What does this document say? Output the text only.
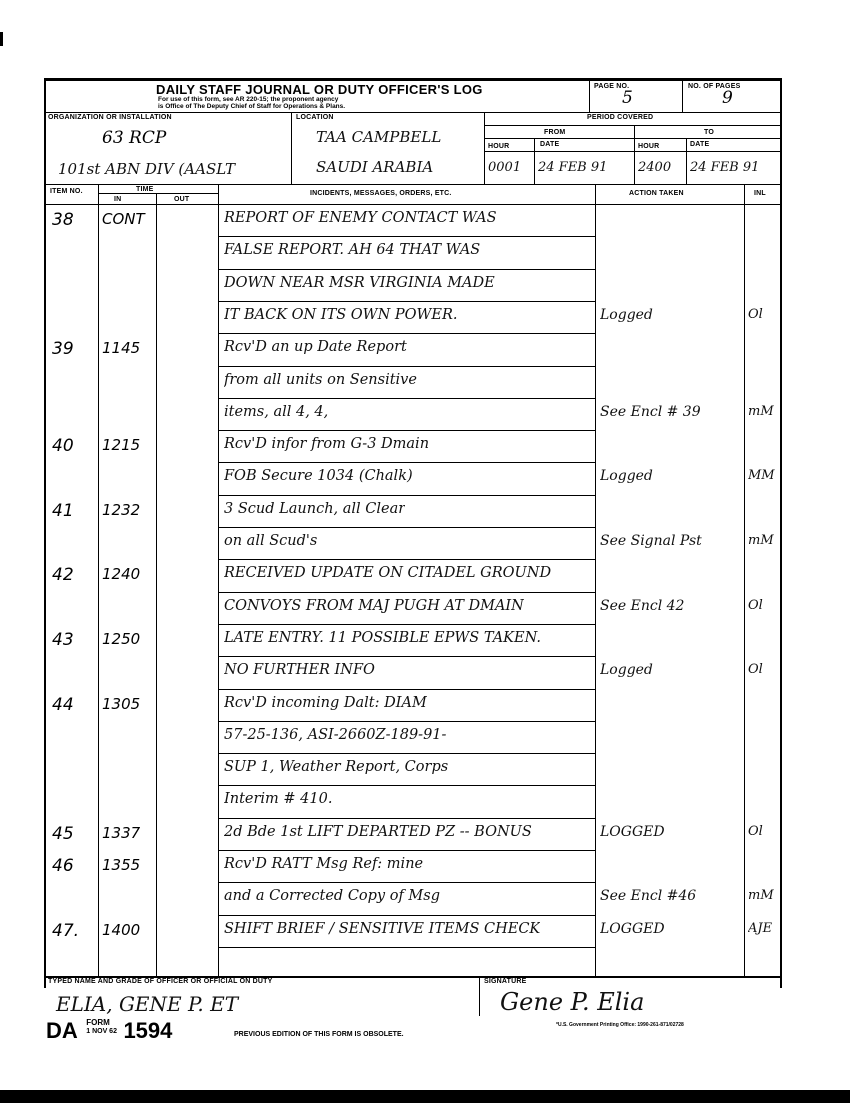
DAILY STAFF JOURNAL OR DUTY OFFICER'S LOG
For use of this form, see AR 220-15; the proponent agency
is Office of The Deputy Chief of Staff for Operations & Plans.
PAGE NO.
5
NO. OF PAGES
9
ORGANIZATION OR INSTALLATION
63 RCP
101st ABN DIV (AASLT
LOCATION
TAA CAMPBELL
SAUDI ARABIA
PERIOD COVERED
FROM	TO
HOUR	DATE	HOUR	DATE
0001 24 FEB 91 2400 24 FEB 91
ITEM NO.	TIME
IN	OUT
INCIDENTS, MESSAGES, ORDERS, ETC.	ACTION TAKEN	INL
38 CONT	REPORT OF ENEMY CONTACT WAS
FALSE REPORT. AH 64 THAT WAS
DOWN NEAR MSR VIRGINIA MADE
IT BACK ON ITS OWN POWER.	Logged	Ol
39 1145	Rcv'D an up Date Report
from all units on Sensitive
items, all 4, 4,	See Encl # 39	mM
40 1215	Rcv'D infor from G-3 Dmain
FOB Secure 1034 (Chalk)	Logged	MM
41 1232	3 Scud Launch, all Clear
on all Scud's	See Signal Pst	mM
42 1240	RECEIVED UPDATE ON CITADEL GROUND
CONVOYS FROM MAJ PUGH AT DMAIN	See Encl 42	Ol
43 1250	LATE ENTRY. 11 POSSIBLE EPWS TAKEN.
NO FURTHER INFO	Logged	Ol
44 1305	Rcv'D incoming Dalt: DIAM
57-25-136, ASI-2660Z-189-91-
SUP 1, Weather Report, Corps
Interim # 410.
45 1337	2d Bde 1st LIFT DEPARTED PZ -- BONUS	LOGGED	Ol
46 1355	Rcv'D RATT Msg Ref: mine
and a Corrected Copy of Msg	See Encl #46	mM
47. 1400	SHIFT BRIEF / SENSITIVE ITEMS CHECK	LOGGED	AJE
TYPED NAME AND GRADE OF OFFICER OR OFFICIAL ON DUTY	SIGNATURE
ELIA, GENE P. ET	Gene P. Elia
DA FORM
1 NOV 62 1594	PREVIOUS EDITION OF THIS FORM IS OBSOLETE.
*U.S. Government Printing Office: 1990-261-871/02728
